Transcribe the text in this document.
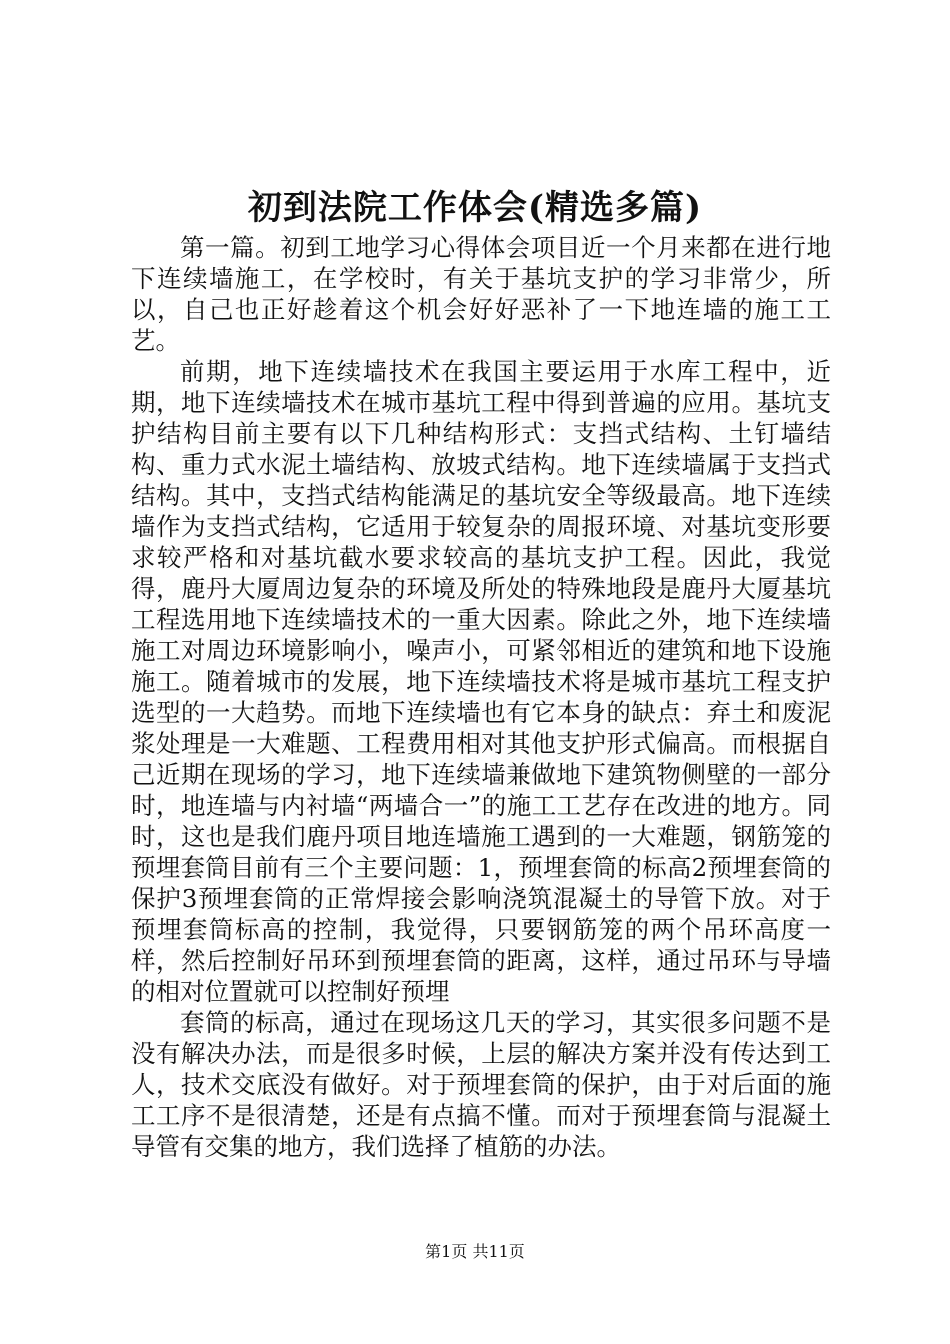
初到法院工作体会(精选多篇)

第一篇。初到工地学习心得体会项目近一个月来都在进行地下连续墙施工，在学校时，有关于基坑支护的学习非常少，所以，自己也正好趁着这个机会好好恶补了一下地连墙的施工工艺。

前期，地下连续墙技术在我国主要运用于水库工程中，近期，地下连续墙技术在城市基坑工程中得到普遍的应用。基坑支护结构目前主要有以下几种结构形式：支挡式结构、土钉墙结构、重力式水泥土墙结构、放坡式结构。地下连续墙属于支挡式结构。其中，支挡式结构能满足的基坑安全等级最高。地下连续墙作为支挡式结构，它适用于较复杂的周报环境、对基坑变形要求较严格和对基坑截水要求较高的基坑支护工程。因此，我觉得，鹿丹大厦周边复杂的环境及所处的特殊地段是鹿丹大厦基坑工程选用地下连续墙技术的一重大因素。除此之外，地下连续墙施工对周边环境影响小，噪声小，可紧邻相近的建筑和地下设施施工。随着城市的发展，地下连续墙技术将是城市基坑工程支护选型的一大趋势。而地下连续墙也有它本身的缺点：弃土和废泥浆处理是一大难题、工程费用相对其他支护形式偏高。而根据自己近期在现场的学习，地下连续墙兼做地下建筑物侧壁的一部分时，地连墙与内衬墙“两墙合一”的施工工艺存在改进的地方。同时，这也是我们鹿丹项目地连墙施工遇到的一大难题，钢筋笼的预埋套筒目前有三个主要问题：1，预埋套筒的标高2预埋套筒的保护3预埋套筒的正常焊接会影响浇筑混凝土的导管下放。对于预埋套筒标高的控制，我觉得，只要钢筋笼的两个吊环高度一样，然后控制好吊环到预埋套筒的距离，这样，通过吊环与导墙的相对位置就可以控制好预埋

套筒的标高，通过在现场这几天的学习，其实很多问题不是没有解决办法，而是很多时候，上层的解决方案并没有传达到工人，技术交底没有做好。对于预埋套筒的保护，由于对后面的施工工序不是很清楚，还是有点搞不懂。而对于预埋套筒与混凝土导管有交集的地方，我们选择了植筋的办法。

第1页 共11页
